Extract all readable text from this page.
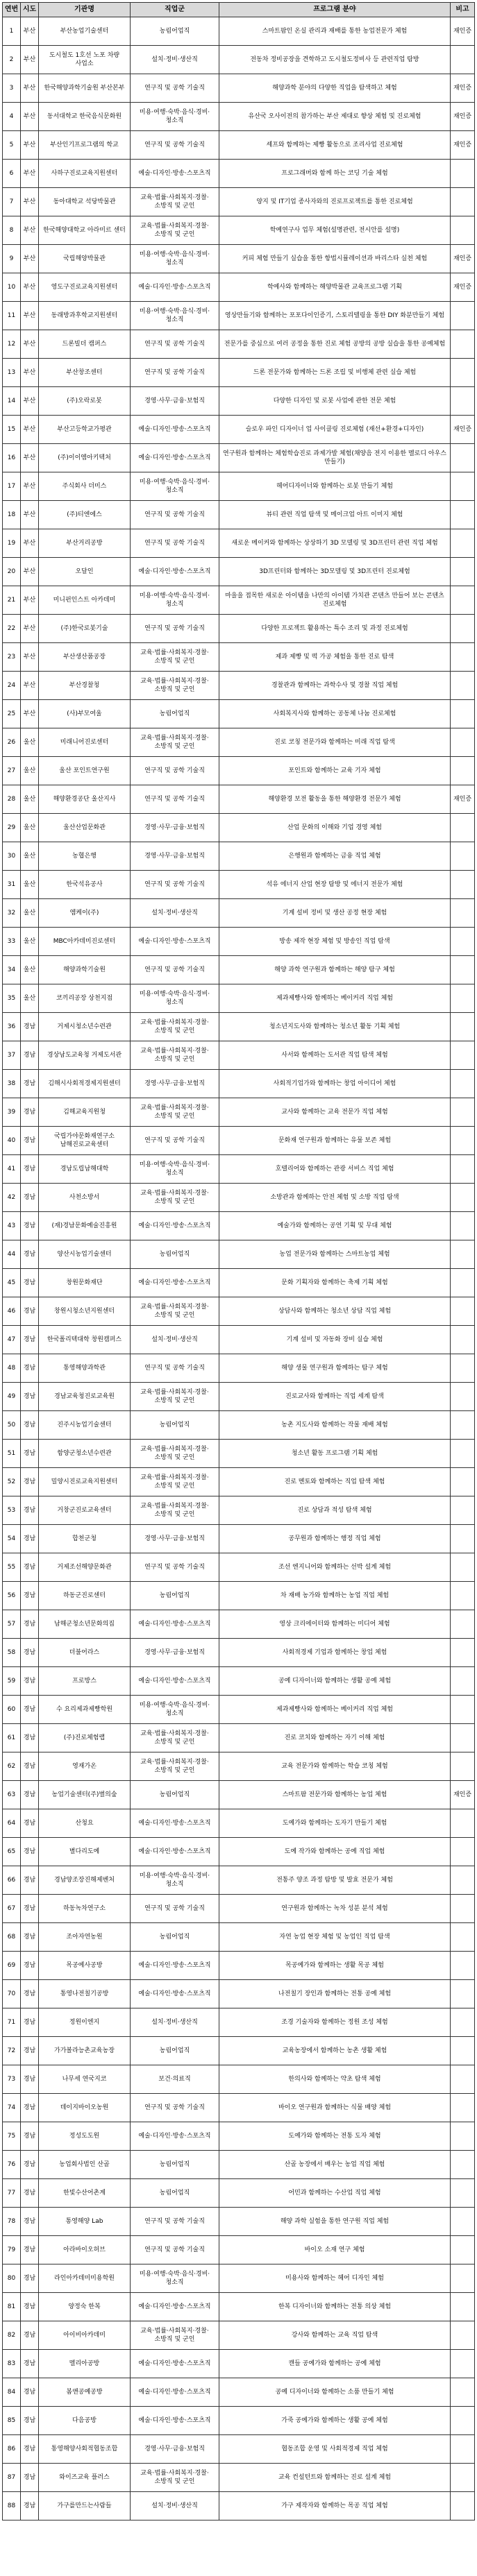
연번	시도	기관명	직업군	프로그램 분야	비고
1	부산	부산농업기술센터	농림어업직	스마트팜인 온실 관리과 재배를 통한 농업전문가 체험	재인증
2	부산	도시철도 1호선 노포 차량 사업소	설치·정비·생산직	전동차 정비공장을 견학하고 도시철도정비사 등 관련직업 탐방	
3	부산	한국해양과학기술원 부산본부	연구직 및 공학 기술직	해양과학 분야의 다양한 직업을 탐색하고 체험	재인증
4	부산	동서대학교 한국음식문화원	미용·여행·숙박·음식·경비·청소직	유산국 오사이전의 참가하는 부산 제대로 향상 체험 및 진로체험	재인증
5	부산	부산인기프로그램의 학교	연구직 및 공학 기술직	셰프와 함께하는 제빵 활동으로 조리사업 진로체험	재인증
6	부산	사하구진로교육지원센터	예술·디자인·방송·스포츠직	프로그래머와 함께 하는 코딩 기술 체험	
7	부산	동아대학교 석당박물관	교육·법률·사회복지·경찰·소방직 및 군인	양지 및 IT기업 종사자와의 진로프로젝트를 통한 진로체험	
8	부산	한국해양대학교 아라미르 센터	교육·법률·사회복지·경찰·소방직 및 군인	학예연구사 업무 체험(설명관련, 전시안를 설명)	
9	부산	국립해양박물관	미용·여행·숙박·음식·경비·청소직	커피 체험 만들기 실습을 통한 항법시뮬레이션과 바리스타 실천 체험	재인증
10	부산	영도구진로교육지원센터	예술·디자인·방송·스포츠직	학예사와 함께하는 해양박물관 교육프로그램 기획	재인증
11	부산	동래방과후학교지원센터	미용·여행·숙박·음식·경비·청소직	영상만들기와 함께하는 포포다이인증기, 스토리텔링을 통한 DIY 화분만들기 체험	
12	부산	드론빌더 캠퍼스	연구직 및 공학 기술직	전문가를 중심으로 여러 공정을 통한 진로 체험 공방의 공방 실습을 통한 공예체험	
13	부산	부산창조센터	연구직 및 공학 기술직	드론 전문가와 함께하는 드론 조립 및 비행체 관련 실습 체험	
14	부산	(주)오락로봇	경영·사무·금융·보험직	다양한 디자인 및 로봇 사업에 관한 전문 체험	
15	부산	부산고등학교가평관	예술·디자인·방송·스포츠직	슬로우 파인 디자이너 업 사이클링 진로체험 (재선+환경+디자인)	재인증
16	부산	(주)이이엠아키텍처	예술·디자인·방송·스포츠직	연구원과 함께하는 체험학습진로 과제가발 체험(채양음 전지 이용한 멜로디 아우스 만들기)	
17	부산	주식회사 더미스	미용·여행·숙박·음식·경비·청소직	헤어디자이너와 함께하는 로봇 만들기 체험	
18	부산	(주)티엔에스	연구직 및 공학 기술직	뷰티 관련 직업 탐색 및 메이크업 아트 이미지 체험	
19	부산	부산거리공방	연구직 및 공학 기술직	새로운 메이커와 함께하는 상상하기 3D 모델링 및 3D프린터 관련 직업 체험	
20	부산	오달인	예술·디자인·방송·스포츠직	3D프린터와 함께하는 3D모델링 및 3D프린터 진로체험	
21	부산	미니펀인스트 아카데미	미용·여행·숙박·음식·경비·청소직	마을을 접목한 새로운 아이템을 나만의 아이템 가치관 콘텐츠 만들어 보는 콘텐츠 진로체험	
22	부산	(주)한국로봇기술	연구직 및 공학 기술직	다양한 프로젝트 활용하는 특수 조리 및 과정 진로체험	
23	부산	부산생산품공장	교육·법률·사회복지·경찰·소방직 및 군인	제과 제빵 및 떡 가공 체험을 통한 진로 탐색	
24	부산	부산경찰청	교육·법률·사회복지·경찰·소방직 및 군인	경찰관과 함께하는 과학수사 및 경찰 직업 체험	
25	부산	(사)부모여울	농림어업직	사회복지사와 함께하는 공동체 나눔 진로체험	
26	울산	미래니어진로센터	교육·법률·사회복지·경찰·소방직 및 군인	진로 코칭 전문가와 함께하는 미래 직업 탐색	
27	울산	울산 포인트연구원	연구직 및 공학 기술직	포인트와 함께하는 교육 기자 체험	
28	울산	해양환경공단 울산지사	연구직 및 공학 기술직	해양환경 보전 활동을 통한 해양환경 전문가 체험	재인증
29	울산	울산산업문화관	경영·사무·금융·보험직	산업 문화의 이해와 기업 경영 체험	
30	울산	농협은행	경영·사무·금융·보험직	은행원과 함께하는 금융 직업 체험	
31	울산	한국석유공사	연구직 및 공학 기술직	석유 에너지 산업 현장 탐방 및 에너지 전문가 체험	
32	울산	엠케이(주)	설치·정비·생산직	기계 설비 정비 및 생산 공정 현장 체험	
33	울산	MBC아카데미진로센터	예술·디자인·방송·스포츠직	방송 제작 현장 체험 및 방송인 직업 탐색	
34	울산	해양과학기술원	연구직 및 공학 기술직	해양 과학 연구원과 함께하는 해양 탐구 체험	
35	울산	코끼리공장 상천지점	미용·여행·숙박·음식·경비·청소직	제과제빵사와 함께하는 베이커리 직업 체험	
36	경남	거제시청소년수련관	교육·법률·사회복지·경찰·소방직 및 군인	청소년지도사와 함께하는 청소년 활동 기획 체험	
37	경남	경상남도교육청 거제도서관	교육·법률·사회복지·경찰·소방직 및 군인	사서와 함께하는 도서관 직업 탐색 체험	
38	경남	김해시사회적경제지원센터	경영·사무·금융·보험직	사회적기업가와 함께하는 창업 아이디어 체험	
39	경남	김해교육지원청	교육·법률·사회복지·경찰·소방직 및 군인	교사와 함께하는 교육 전문가 직업 체험	
40	경남	국립가야문화재연구소 남해진로교육센터	연구직 및 공학 기술직	문화재 연구원과 함께하는 유물 보존 체험	
41	경남	경남도립남해대학	미용·여행·숙박·음식·경비·청소직	호텔리어와 함께하는 관광 서비스 직업 체험	
42	경남	사천소방서	교육·법률·사회복지·경찰·소방직 및 군인	소방관과 함께하는 안전 체험 및 소방 직업 탐색	
43	경남	(재)경남문화예술진흥원	예술·디자인·방송·스포츠직	예술가와 함께하는 공연 기획 및 무대 체험	
44	경남	양산시농업기술센터	농림어업직	농업 전문가와 함께하는 스마트농업 체험	
45	경남	창원문화재단	예술·디자인·방송·스포츠직	문화 기획자와 함께하는 축제 기획 체험	
46	경남	창원시청소년지원센터	교육·법률·사회복지·경찰·소방직 및 군인	상담사와 함께하는 청소년 상담 직업 체험	
47	경남	한국폴리텍대학 창원캠퍼스	설치·정비·생산직	기계 설비 및 자동화 장비 실습 체험	
48	경남	통영해양과학관	연구직 및 공학 기술직	해양 생물 연구원과 함께하는 탐구 체험	
49	경남	경남교육청진로교육원	교육·법률·사회복지·경찰·소방직 및 군인	진로교사와 함께하는 직업 세계 탐색	
50	경남	진주시농업기술센터	농림어업직	농촌 지도사와 함께하는 작물 재배 체험	
51	경남	함양군청소년수련관	교육·법률·사회복지·경찰·소방직 및 군인	청소년 활동 프로그램 기획 체험	
52	경남	밀양시진로교육지원센터	교육·법률·사회복지·경찰·소방직 및 군인	진로 멘토와 함께하는 직업 탐색 체험	
53	경남	거창군진로교육센터	교육·법률·사회복지·경찰·소방직 및 군인	진로 상담과 적성 탐색 체험	
54	경남	합천군청	경영·사무·금융·보험직	공무원과 함께하는 행정 직업 체험	
55	경남	거제조선해양문화관	연구직 및 공학 기술직	조선 엔지니어와 함께하는 선박 설계 체험	
56	경남	하동군진로센터	농림어업직	차 재배 농가와 함께하는 농업 직업 체험	
57	경남	남해군청소년문화의집	예술·디자인·방송·스포츠직	영상 크리에이터와 함께하는 미디어 체험	
58	경남	더불어라스	경영·사무·금융·보험직	사회적경제 기업과 함께하는 창업 체험	
59	경남	프로방스	예술·디자인·방송·스포츠직	공예 디자이너와 함께하는 생활 공예 체험	
60	경남	수 요리제과제빵학원	미용·여행·숙박·음식·경비·청소직	제과제빵사와 함께하는 베이커리 직업 체험	
61	경남	(주)진로체험랩	교육·법률·사회복지·경찰·소방직 및 군인	진로 코치와 함께하는 자기 이해 체험	
62	경남	영재가온	교육·법률·사회복지·경찰·소방직 및 군인	교육 전문가와 함께하는 학습 코칭 체험	
63	경남	농업기술센터(주)별의숲	농림어업직	스마트팜 전문가와 함께하는 농업 체험	재인증
64	경남	산청요	예술·디자인·방송·스포츠직	도예가와 함께하는 도자기 만들기 체험	
65	경남	별다리도예	예술·디자인·방송·스포츠직	도예 작가와 함께하는 공예 직업 체험	
66	경남	경남양조장진해제벤처	미용·여행·숙박·음식·경비·청소직	전통주 양조 과정 탐방 및 발효 전문가 체험	
67	경남	하동녹차연구소	연구직 및 공학 기술직	연구원과 함께하는 녹차 성분 분석 체험	
68	경남	조아자연농원	농림어업직	자연 농업 현장 체험 및 농업인 직업 탐색	
69	경남	목공예사공방	예술·디자인·방송·스포츠직	목공예가와 함께하는 생활 목공 체험	
70	경남	통영나전칠기공방	예술·디자인·방송·스포츠직	나전칠기 장인과 함께하는 전통 공예 체험	
71	경남	정원이엔지	설치·정비·생산직	조경 기술자와 함께하는 정원 조성 체험	
72	경남	가가볼라능촌교육농장	농림어업직	교육농장에서 함께하는 농촌 생활 체험	
73	경남	나무세 연국지코	보건·의료직	한의사와 함께하는 약초 탐색 체험	
74	경남	데이지바이오농원	연구직 및 공학 기술직	바이오 연구원과 함께하는 식물 배양 체험	
75	경남	정성도도원	예술·디자인·방송·스포츠직	도예가와 함께하는 전통 도자 체험	
76	경남	농업회사법인 산골	농림어업직	산골 농장에서 배우는 농업 직업 체험	
77	경남	한빛수산어촌계	농림어업직	어민과 함께하는 수산업 직업 체험	
78	경남	통영해양 Lab	연구직 및 공학 기술직	해양 과학 실험을 통한 연구원 직업 체험	
79	경남	아라바이오허브	연구직 및 공학 기술직	바이오 소재 연구 체험	
80	경남	라인아카데미미용학원	미용·여행·숙박·음식·경비·청소직	미용사와 함께하는 헤어 디자인 체험	
81	경남	양정숙 한복	예술·디자인·방송·스포츠직	한복 디자이너와 함께하는 전통 의상 체험	
82	경남	아이비아카데미	교육·법률·사회복지·경찰·소방직 및 군인	강사와 함께하는 교육 직업 탐색	
83	경남	멜리아공방	예술·디자인·방송·스포츠직	캔들 공예가와 함께하는 공예 체험	
84	경남	봄앤공예공방	예술·디자인·방송·스포츠직	공예 디자이너와 함께하는 소품 만들기 체험	
85	경남	다음공방	예술·디자인·방송·스포츠직	가죽 공예가와 함께하는 생활 공예 체험	
86	경남	통영해양사회적협동조합	경영·사무·금융·보험직	협동조합 운영 및 사회적경제 직업 체험	
87	경남	와이즈교육 플러스	교육·법률·사회복지·경찰·소방직 및 군인	교육 컨설턴트와 함께하는 진로 설계 체험	
88	경남	가구를만드는사람들	설치·정비·생산직	가구 제작자와 함께하는 목공 직업 체험	
